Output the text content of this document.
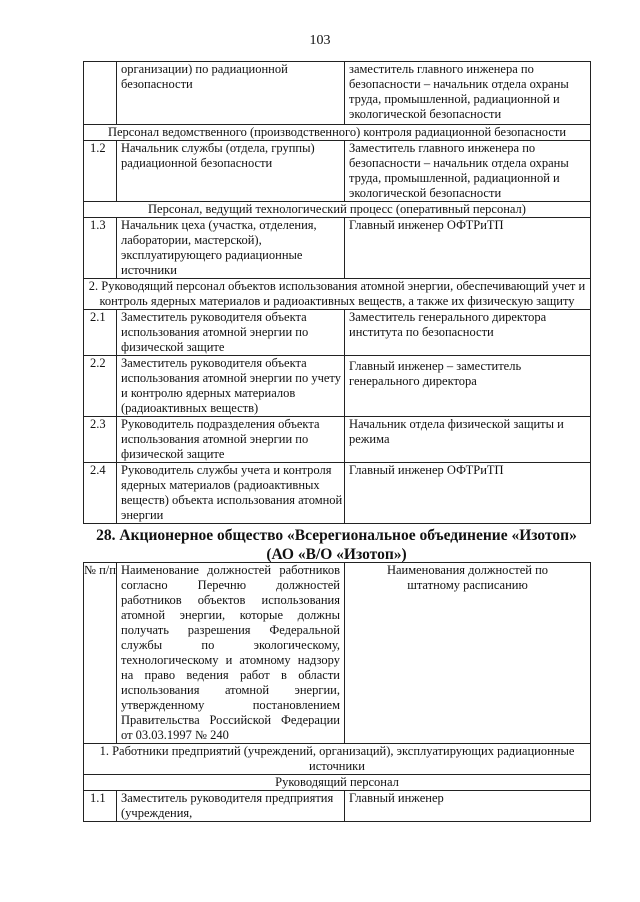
103
	организации) по радиационной безопасности	заместитель главного инженера по безопасности – начальник отдела охраны труда, промышленной, радиационной и экологической безопасности
Персонал ведомственного (производственного) контроля радиационной безопасности		
1.2	Начальник службы (отдела, группы) радиационной безопасности	Заместитель главного инженера по безопасности – начальник отдела охраны труда, промышленной, радиационной и экологической безопасности
Персонал, ведущий технологический процесс (оперативный персонал)		
1.3	Начальник цеха (участка, отделения, лаборатории, мастерской), эксплуатирующего радиационные источники	Главный инженер ОФТРиТП
2. Руководящий персонал объектов использования атомной энергии, обеспечивающий учет и контроль ядерных материалов и радиоактивных веществ, а также их физическую защиту		
2.1	Заместитель руководителя объекта использования атомной энергии по физической защите	Заместитель генерального директора института по безопасности
2.2	Заместитель руководителя объекта использования атомной энергии по учету и контролю ядерных материалов (радиоактивных веществ)	Главный инженер – заместитель генерального директора
2.3	Руководитель подразделения объекта использования атомной энергии по физической защите	Начальник отдела физической защиты и режима
2.4	Руководитель службы учета и контроля ядерных материалов (радиоактивных веществ) объекта использования атомной энергии	Главный инженер ОФТРиТП
28. Акционерное общество «Всерегиональное объединение «Изотоп»
(АО «В/О «Изотоп»)
№ п/п	Наименование должностей работников согласно Перечню должностей работников объектов использования атомной энергии, которые должны получать разрешения Федеральной службы по экологическому, технологическому и атомному надзору на право ведения работ в области использования атомной энергии, утвержденному постановлением Правительства Российской Федерации от 03.03.1997 № 240	Наименования должностей по штатному расписанию
1. Работники предприятий (учреждений, организаций), эксплуатирующих радиационные источники		
Руководящий персонал		
1.1	Заместитель руководителя предприятия (учреждения,	Главный инженер
